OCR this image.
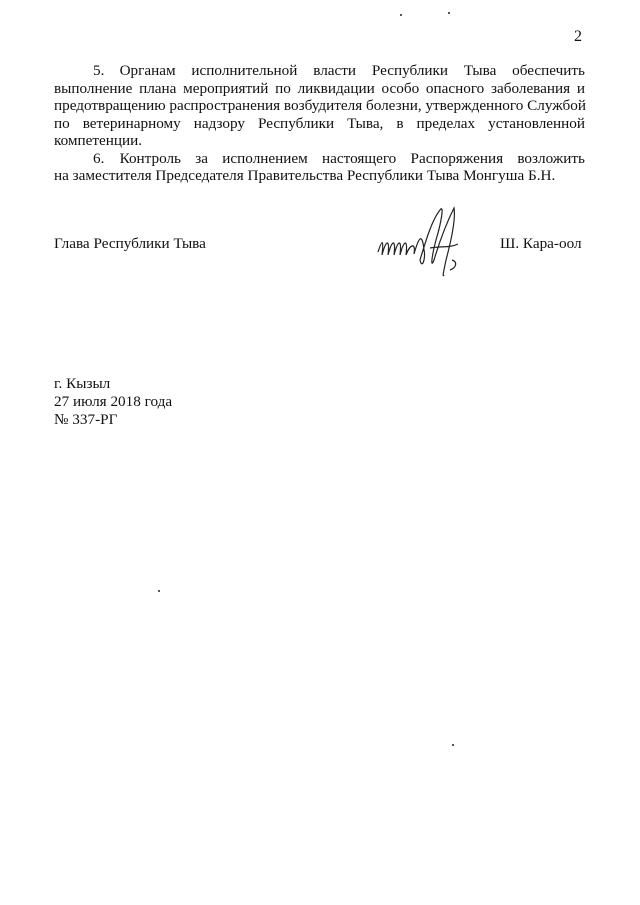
2
5. Органам исполнительной власти Республики Тыва обеспечить
выполнение плана мероприятий по ликвидации особо опасного заболевания и
предотвращению распространения возбудителя болезни, утвержденного Службой
по ветеринарному надзору Республики Тыва, в пределах установленной
компетенции.
6. Контроль за исполнением настоящего Распоряжения возложить
на заместителя Председателя Правительства Республики Тыва Монгуша Б.Н.
Глава Республики Тыва	Ш. Кара-оол
г. Кызыл
27 июля 2018 года
№ 337-РГ
